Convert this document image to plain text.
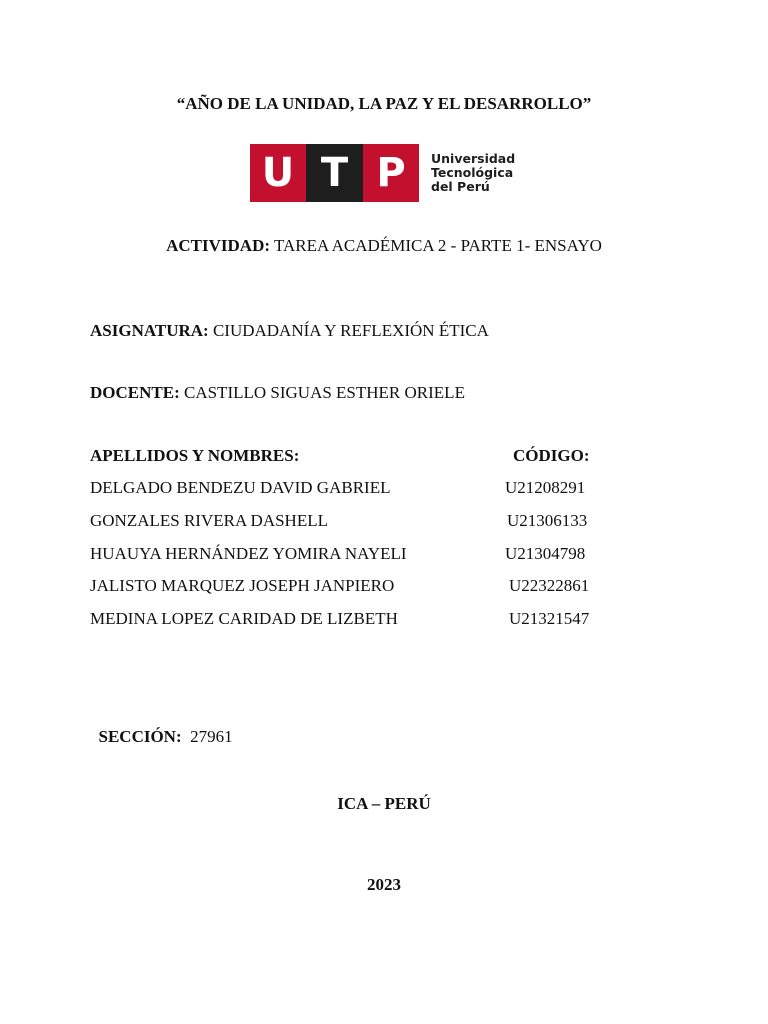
“AÑO DE LA UNIDAD, LA PAZ Y EL DESARROLLO”
U T P	Universidad
Tecnológica
del Perú
ACTIVIDAD: TAREA ACADÉMICA 2 - PARTE 1- ENSAYO
ASIGNATURA: CIUDADANÍA Y REFLEXIÓN ÉTICA
DOCENTE: CASTILLO SIGUAS ESTHER ORIELE
APELLIDOS Y NOMBRES:	CÓDIGO:
DELGADO BENDEZU DAVID GABRIEL	U21208291
GONZALES RIVERA DASHELL	U21306133
HUAUYA HERNÁNDEZ YOMIRA NAYELI	U21304798
JALISTO MARQUEZ JOSEPH JANPIERO	U22322861
MEDINA LOPEZ CARIDAD DE LIZBETH	U21321547

SECCIÓN:  27961

ICA – PERÚ
2023
